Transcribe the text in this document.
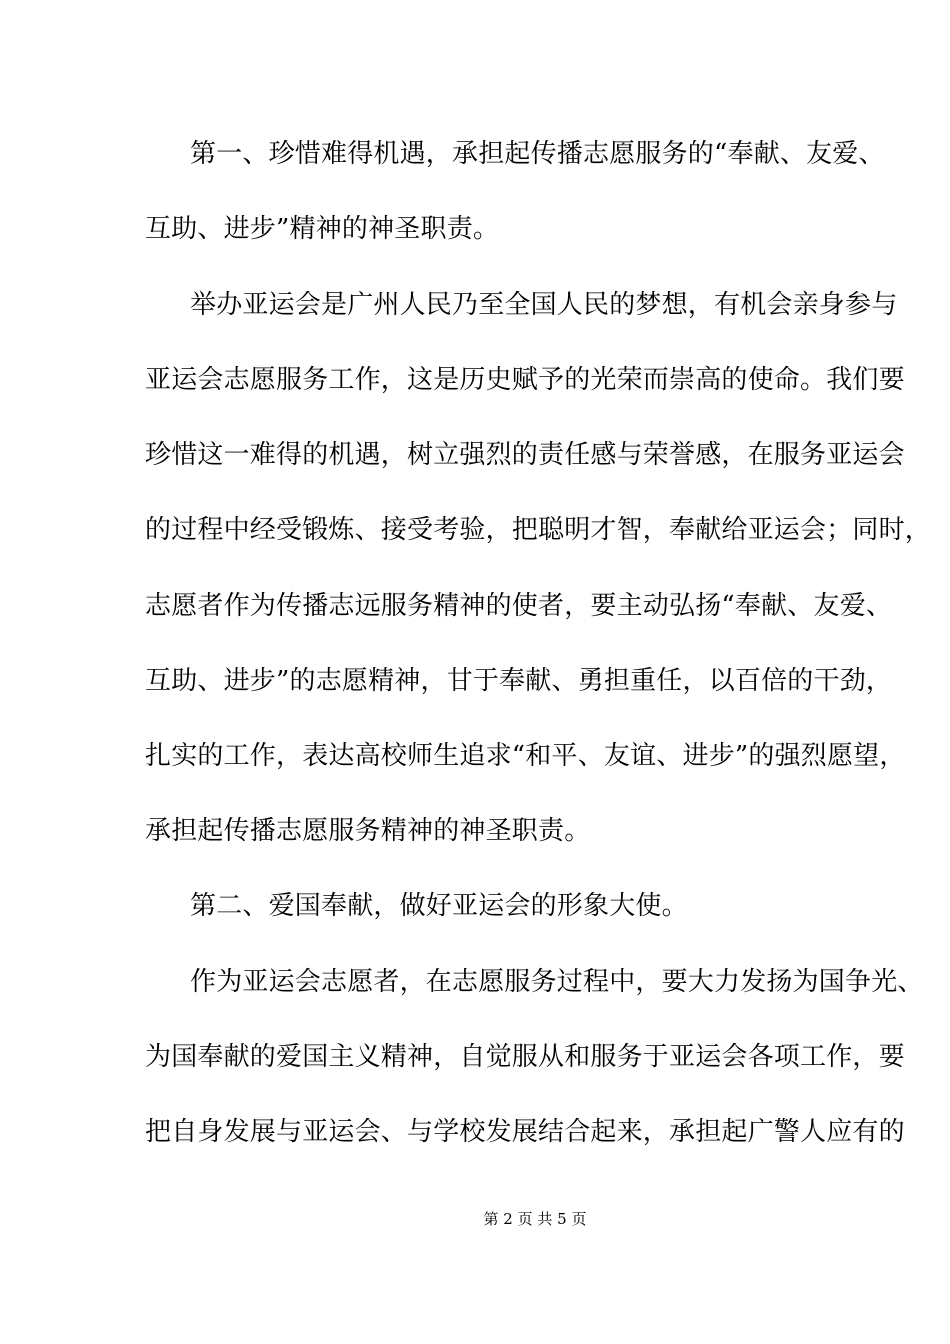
第一、珍惜难得机遇，承担起传播志愿服务的“奉献、友爱、
互助、进步”精神的神圣职责。
举办亚运会是广州人民乃至全国人民的梦想，有机会亲身参与
亚运会志愿服务工作，这是历史赋予的光荣而崇高的使命。我们要
珍惜这一难得的机遇，树立强烈的责任感与荣誉感，在服务亚运会
的过程中经受锻炼、接受考验，把聪明才智，奉献给亚运会；同时，
志愿者作为传播志远服务精神的使者，要主动弘扬“奉献、友爱、
互助、进步”的志愿精神，甘于奉献、勇担重任，以百倍的干劲，
扎实的工作，表达高校师生追求“和平、友谊、进步”的强烈愿望，
承担起传播志愿服务精神的神圣职责。
第二、爱国奉献，做好亚运会的形象大使。
作为亚运会志愿者，在志愿服务过程中，要大力发扬为国争光、
为国奉献的爱国主义精神，自觉服从和服务于亚运会各项工作，要
把自身发展与亚运会、与学校发展结合起来，承担起广警人应有的
第 2 页 共 5 页
